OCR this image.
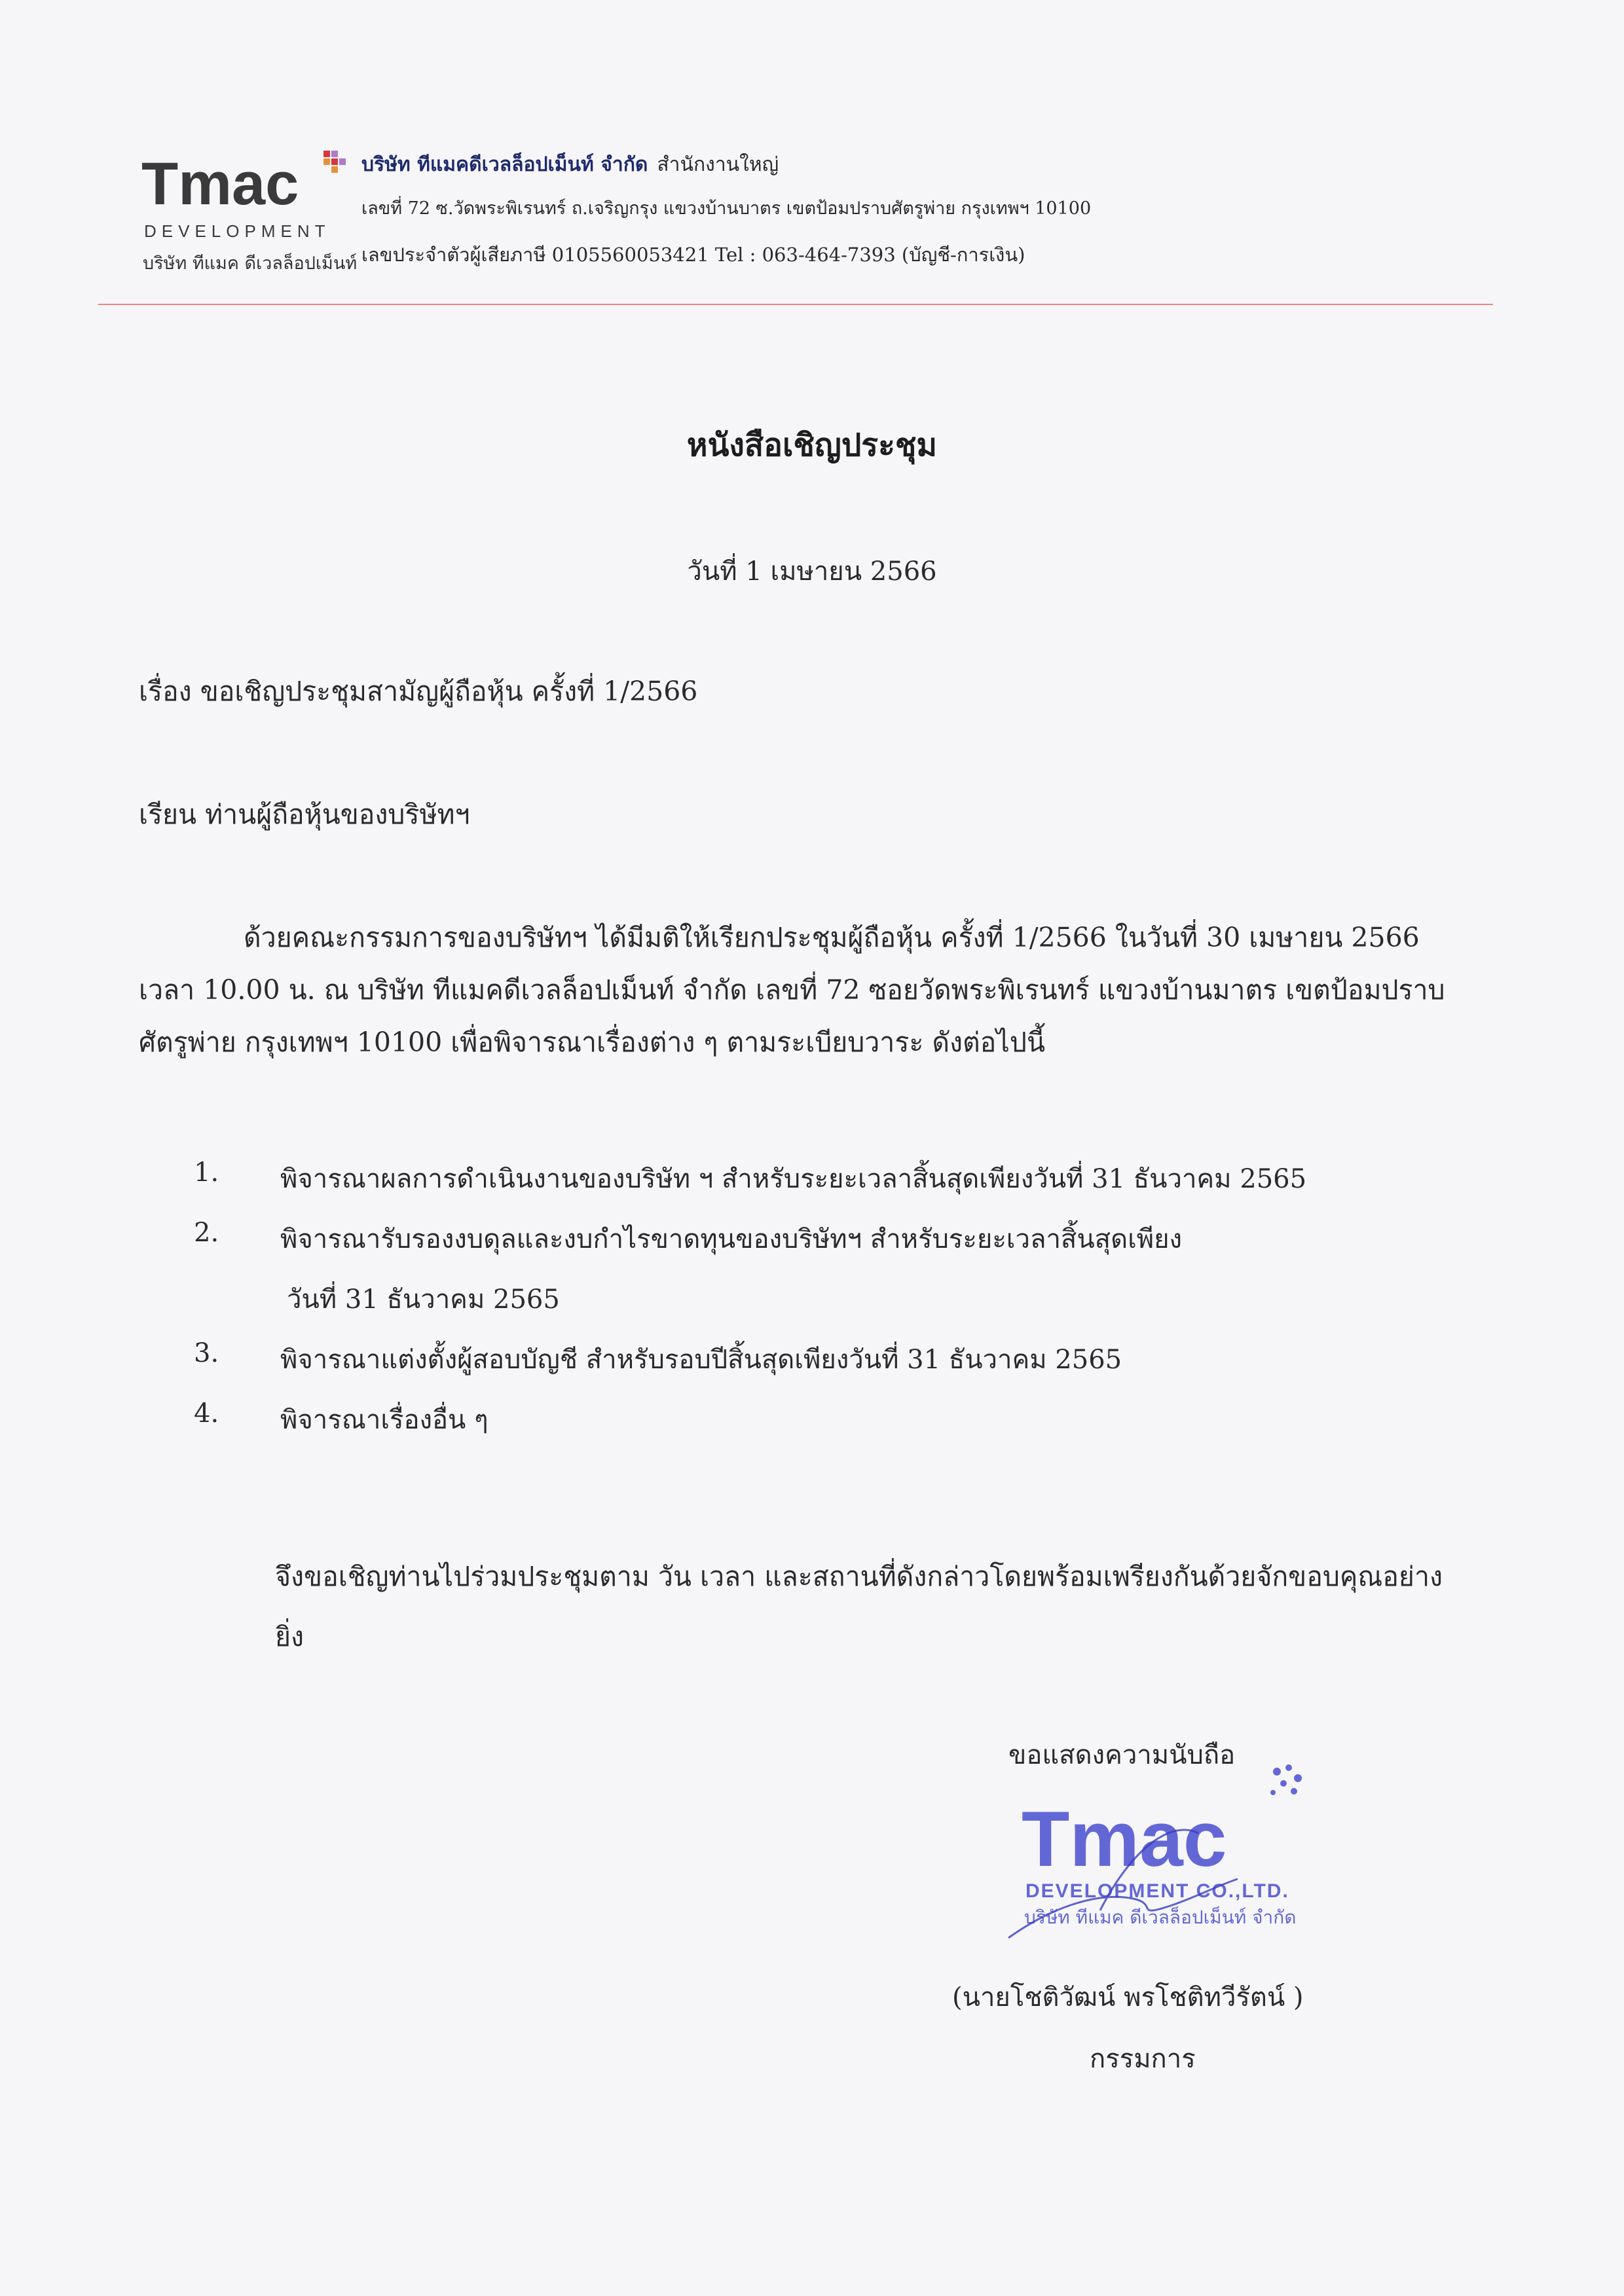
Tmac
DEVELOPMENT
บริษัท ทีแมค ดีเวลล็อปเม็นท์
บริษัท ทีแมคดีเวลล็อปเม็นท์ จำกัด สำนักงานใหญ่
เลขที่ 72 ซ.วัดพระพิเรนทร์ ถ.เจริญกรุง แขวงบ้านบาตร เขตป้อมปราบศัตรูพ่าย กรุงเทพฯ 10100
เลขประจำตัวผู้เสียภาษี 0105560053421 Tel : 063-464-7393 (บัญชี-การเงิน)
หนังสือเชิญประชุม
วันที่ 1 เมษายน 2566
เรื่อง ขอเชิญประชุมสามัญผู้ถือหุ้น ครั้งที่ 1/2566
เรียน ท่านผู้ถือหุ้นของบริษัทฯ
ด้วยคณะกรรมการของบริษัทฯ ได้มีมติให้เรียกประชุมผู้ถือหุ้น ครั้งที่ 1/2566 ในวันที่ 30 เมษายน 2566
เวลา 10.00 น. ณ บริษัท ทีแมคดีเวลล็อปเม็นท์ จำกัด เลขที่ 72 ซอยวัดพระพิเรนทร์ แขวงบ้านมาตร เขตป้อมปราบ
ศัตรูพ่าย กรุงเทพฯ 10100 เพื่อพิจารณาเรื่องต่าง ๆ ตามระเบียบวาระ ดังต่อไปนี้
1. พิจารณาผลการดำเนินงานของบริษัท ฯ สำหรับระยะเวลาสิ้นสุดเพียงวันที่ 31 ธันวาคม 2565
2. พิจารณารับรองงบดุลและงบกำไรขาดทุนของบริษัทฯ สำหรับระยะเวลาสิ้นสุดเพียง
วันที่ 31 ธันวาคม 2565
3. พิจารณาแต่งตั้งผู้สอบบัญชี สำหรับรอบปีสิ้นสุดเพียงวันที่ 31 ธันวาคม 2565
4. พิจารณาเรื่องอื่น ๆ
จึงขอเชิญท่านไปร่วมประชุมตาม วัน เวลา และสถานที่ดังกล่าวโดยพร้อมเพรียงกันด้วยจักขอบคุณอย่าง
ยิ่ง
ขอแสดงความนับถือ
Tmac
DEVELOPMENT CO.,LTD.
บริษัท ทีแมค ดีเวลล็อปเม็นท์ จำกัด
(นายโชติวัฒน์ พรโชติทวีรัตน์ )
กรรมการ
